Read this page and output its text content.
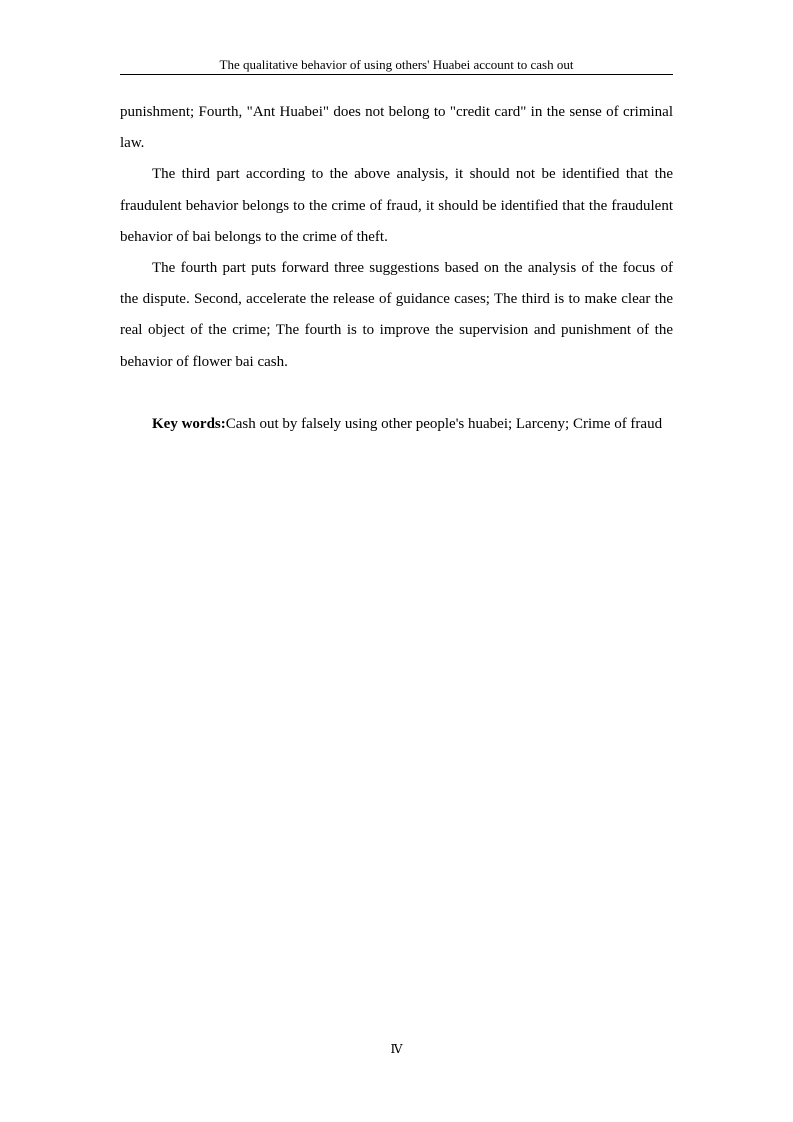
The qualitative behavior of using others' Huabei account to cash out

punishment; Fourth, "Ant Huabei" does not belong to "credit card" in the sense of criminal law.

The third part according to the above analysis, it should not be identified that the fraudulent behavior belongs to the crime of fraud, it should be identified that the fraudulent behavior of bai belongs to the crime of theft.

The fourth part puts forward three suggestions based on the analysis of the focus of the dispute. Second, accelerate the release of guidance cases; The third is to make clear the real object of the crime; The fourth is to improve the supervision and punishment of the behavior of flower bai cash.

Key words:Cash out by falsely using other people's huabei; Larceny; Crime of fraud

Ⅳ
